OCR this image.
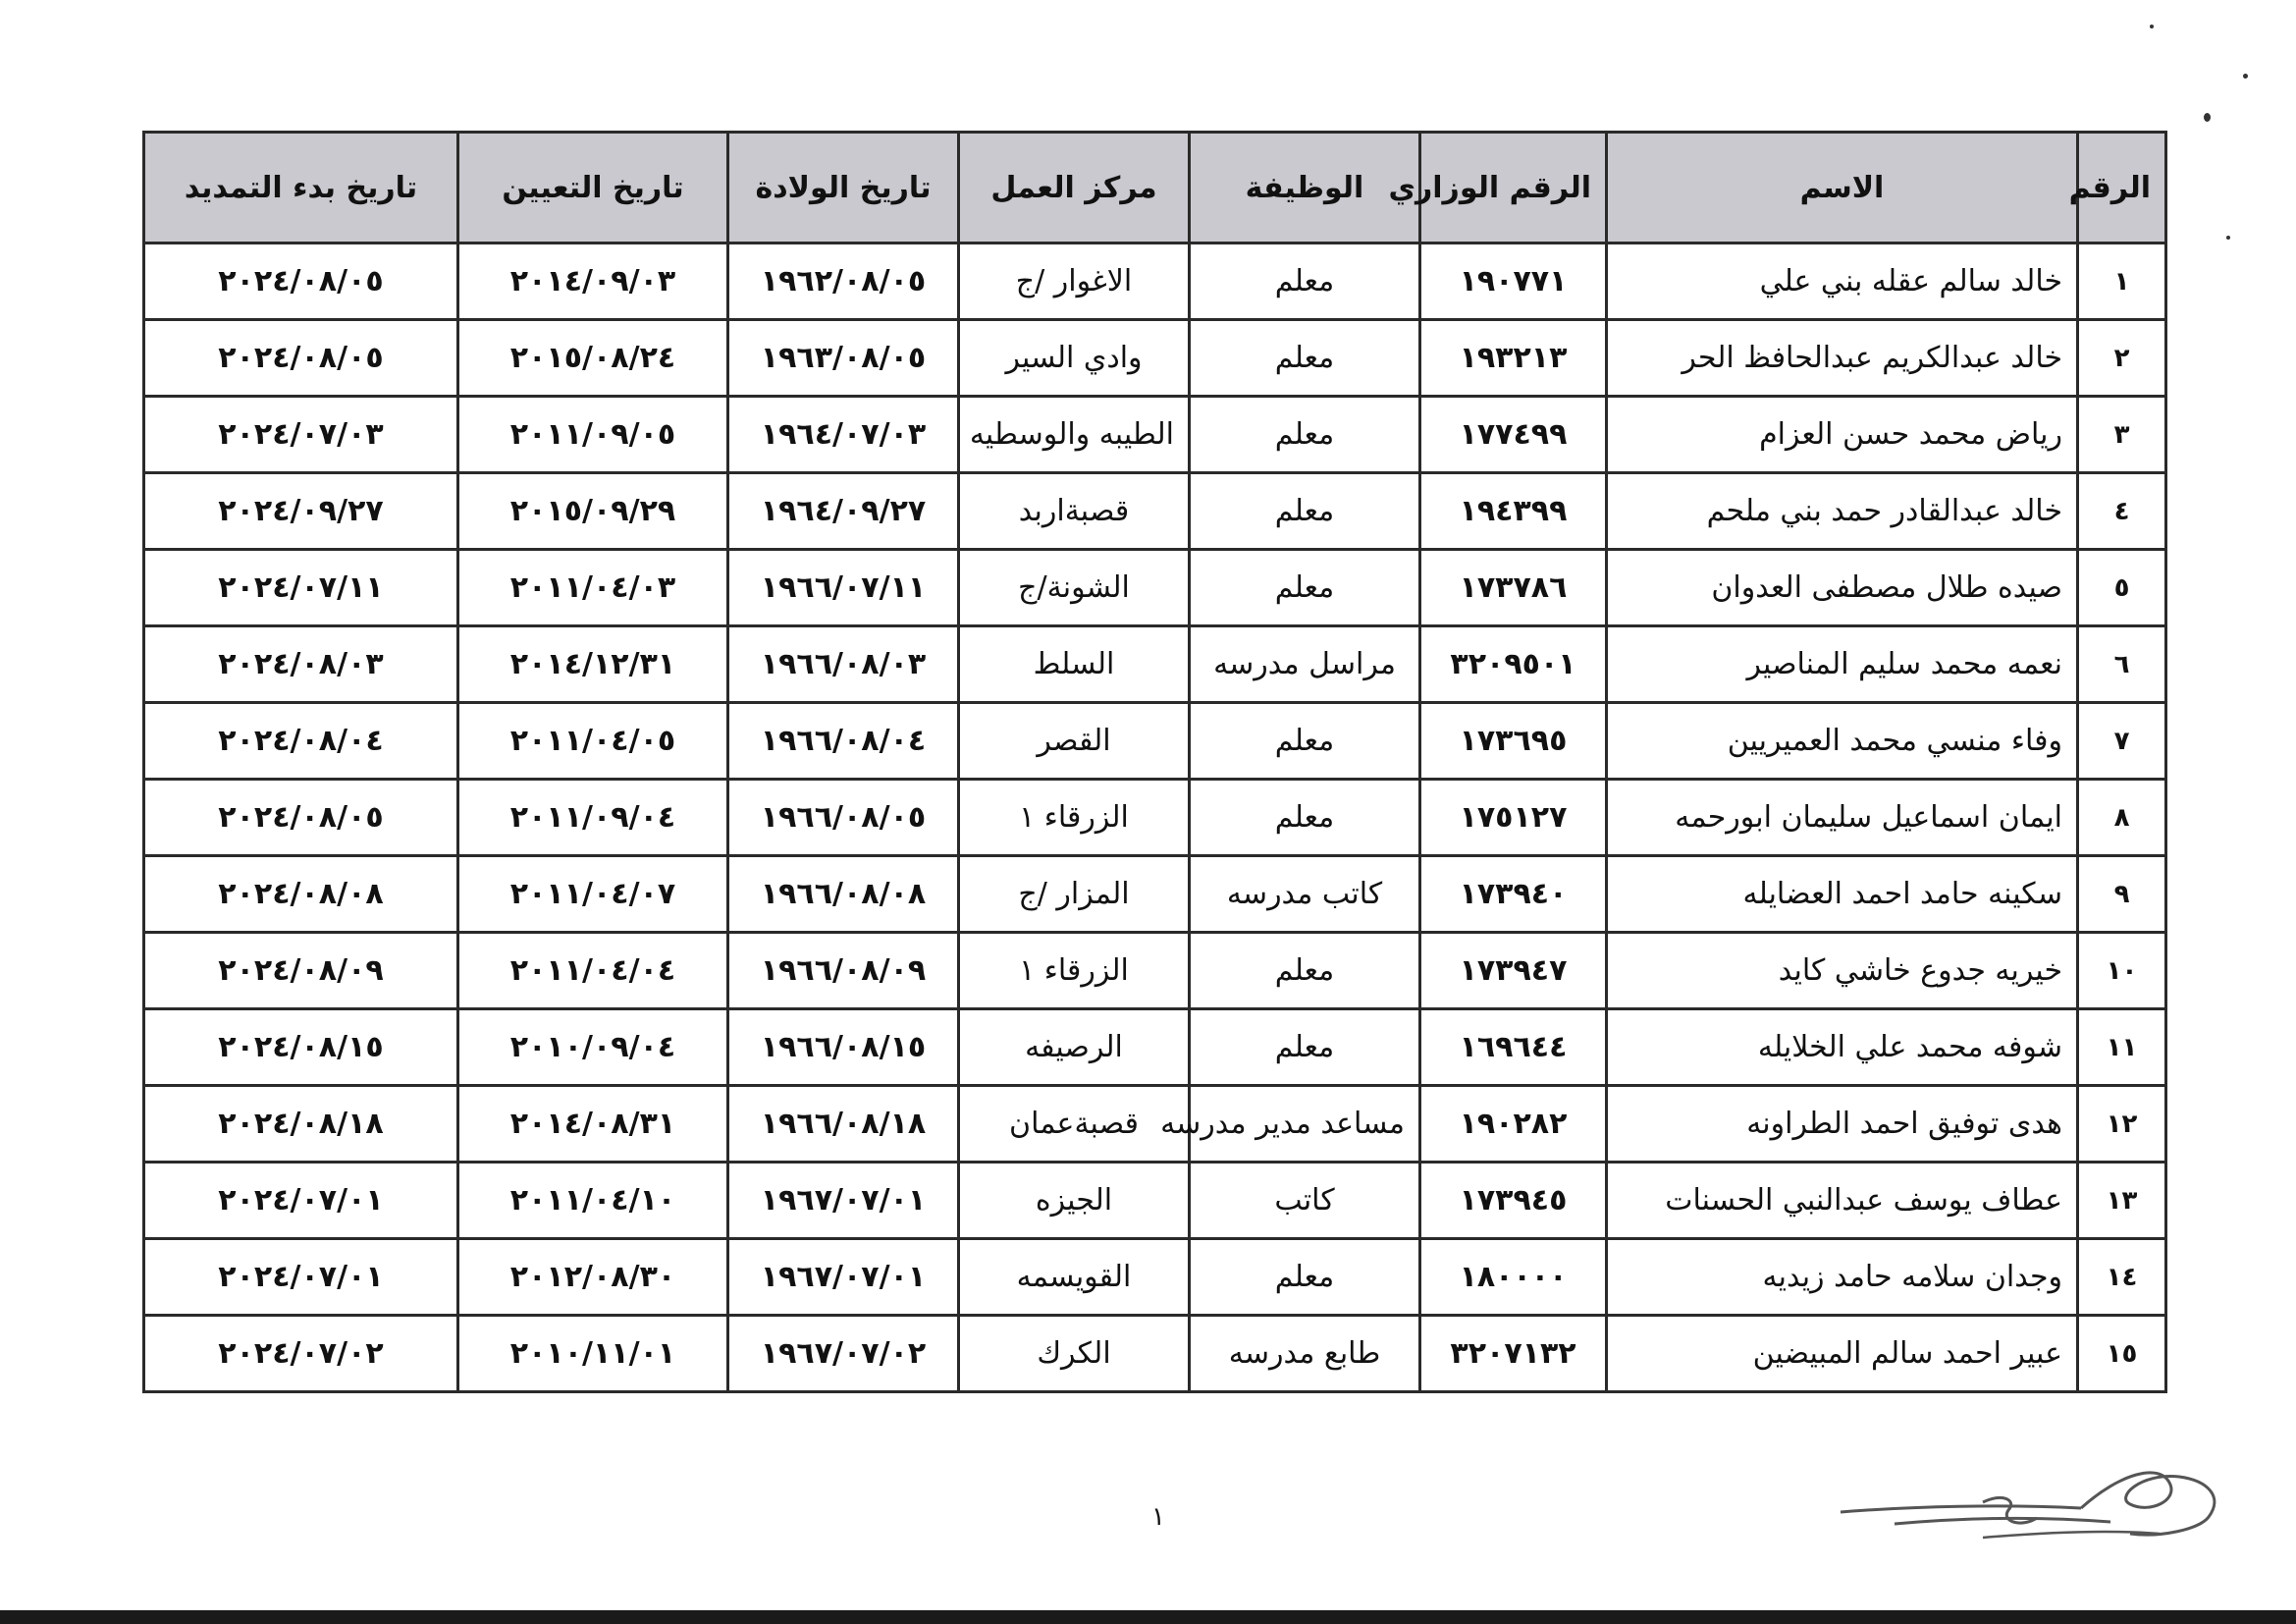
الرقم	الاسم	الرقم الوزاري	الوظيفة	مركز العمل	تاريخ الولادة	تاريخ التعيين	تاريخ بدء التمديد
١	خالد سالم عقله بني علي	١٩٠٧٧١	معلم	الاغوار /ج	١٩٦٢/٠٨/٠٥	٢٠١٤/٠٩/٠٣	٢٠٢٤/٠٨/٠٥
٢	خالد عبدالكريم عبدالحافظ الحر	١٩٣٢١٣	معلم	وادي السير	١٩٦٣/٠٨/٠٥	٢٠١٥/٠٨/٢٤	٢٠٢٤/٠٨/٠٥
٣	رياض محمد حسن العزام	١٧٧٤٩٩	معلم	الطيبه والوسطيه	١٩٦٤/٠٧/٠٣	٢٠١١/٠٩/٠٥	٢٠٢٤/٠٧/٠٣
٤	خالد عبدالقادر حمد بني ملحم	١٩٤٣٩٩	معلم	قصبةاربد	١٩٦٤/٠٩/٢٧	٢٠١٥/٠٩/٢٩	٢٠٢٤/٠٩/٢٧
٥	صيده طلال مصطفى العدوان	١٧٣٧٨٦	معلم	الشونة/ج	١٩٦٦/٠٧/١١	٢٠١١/٠٤/٠٣	٢٠٢٤/٠٧/١١
٦	نعمه محمد سليم المناصير	٣٢٠٩٥٠١	مراسل مدرسه	السلط	١٩٦٦/٠٨/٠٣	٢٠١٤/١٢/٣١	٢٠٢٤/٠٨/٠٣
٧	وفاء منسي محمد العميريين	١٧٣٦٩٥	معلم	القصر	١٩٦٦/٠٨/٠٤	٢٠١١/٠٤/٠٥	٢٠٢٤/٠٨/٠٤
٨	ايمان اسماعيل سليمان ابورحمه	١٧٥١٢٧	معلم	الزرقاء ١	١٩٦٦/٠٨/٠٥	٢٠١١/٠٩/٠٤	٢٠٢٤/٠٨/٠٥
٩	سكينه حامد احمد العضايله	١٧٣٩٤٠	كاتب مدرسه	المزار /ج	١٩٦٦/٠٨/٠٨	٢٠١١/٠٤/٠٧	٢٠٢٤/٠٨/٠٨
١٠	خيريه جدوع خاشي كايد	١٧٣٩٤٧	معلم	الزرقاء ١	١٩٦٦/٠٨/٠٩	٢٠١١/٠٤/٠٤	٢٠٢٤/٠٨/٠٩
١١	شوفه محمد علي الخلايله	١٦٩٦٤٤	معلم	الرصيفه	١٩٦٦/٠٨/١٥	٢٠١٠/٠٩/٠٤	٢٠٢٤/٠٨/١٥
١٢	هدى توفيق احمد الطراونه	١٩٠٢٨٢	مساعد مدير مدرسه	قصبةعمان	١٩٦٦/٠٨/١٨	٢٠١٤/٠٨/٣١	٢٠٢٤/٠٨/١٨
١٣	عطاف يوسف عبدالنبي الحسنات	١٧٣٩٤٥	كاتب	الجيزه	١٩٦٧/٠٧/٠١	٢٠١١/٠٤/١٠	٢٠٢٤/٠٧/٠١
١٤	وجدان سلامه حامد زيديه	١٨٠٠٠٠	معلم	القويسمه	١٩٦٧/٠٧/٠١	٢٠١٢/٠٨/٣٠	٢٠٢٤/٠٧/٠١
١٥	عبير احمد سالم المبيضين	٣٢٠٧١٣٢	طابع مدرسه	الكرك	١٩٦٧/٠٧/٠٢	٢٠١٠/١١/٠١	٢٠٢٤/٠٧/٠٢
١
